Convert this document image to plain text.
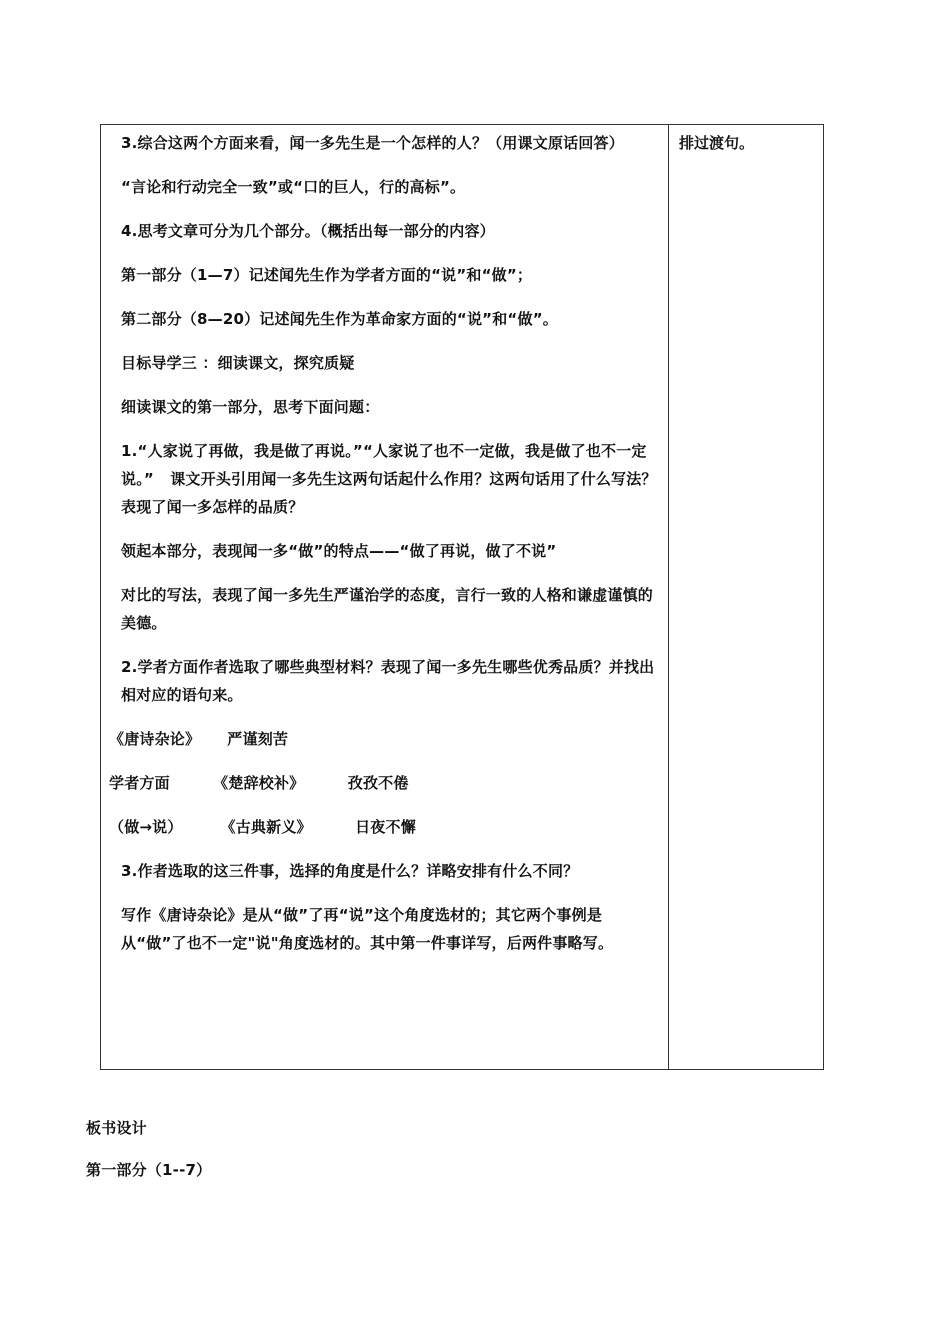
3.综合这两个方面来看，闻一多先生是一个怎样的人？（用课文原话回答）

“言论和行动完全一致”或“口的巨人，行的高标”。

4.思考文章可分为几个部分。（概括出每一部分的内容）

第一部分（1—7）记述闻先生作为学者方面的“说”和“做”；

第二部分（8—20）记述闻先生作为革命家方面的“说”和“做”。

目标导学三 ：细读课文，探究质疑

细读课文的第一部分，思考下面问题：

1.“人家说了再做，我是做了再说。”“人家说了也不一定做，我是做了也不一定说。”   课文开头引用闻一多先生这两句话起什么作用？这两句话用了什么写法？表现了闻一多怎样的品质？

领起本部分，表现闻一多“做”的特点——“做了再说，做了不说”

对比的写法，表现了闻一多先生严谨治学的态度，言行一致的人格和谦虚谨慎的美德。

2.学者方面作者选取了哪些典型材料？表现了闻一多先生哪些优秀品质？并找出相对应的语句来。

《唐诗杂论》     严谨刻苦

学者方面        《楚辞校补》        孜孜不倦

（做→说）       《古典新义》        日夜不懈

3.作者选取的这三件事，选择的角度是什么？详略安排有什么不同？

写作《唐诗杂论》是从“做”了再“说”这个角度选材的；其它两个事例是从“做”了也不一定"说"角度选材的。其中第一件事详写，后两件事略写。

排过渡句。

板书设计

第一部分（1--7）
